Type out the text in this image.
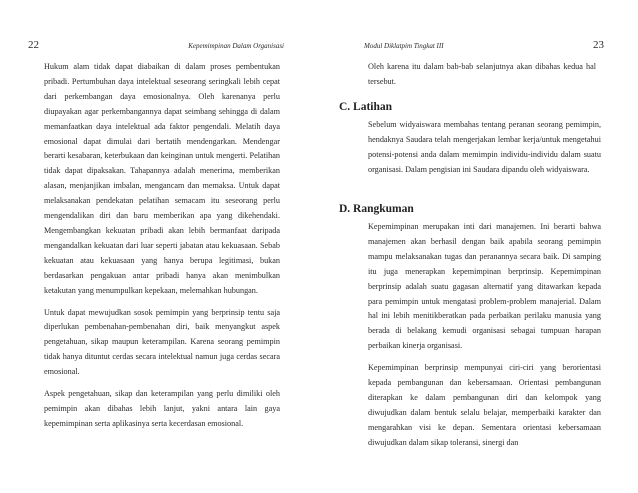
22	Kepemimpinan Dalam Organisasi

Hukum alam tidak dapat diabaikan di dalam proses pembentukan pribadi. Pertumbuhan daya intelektual seseorang seringkali lebih cepat dari perkembangan daya emosionalnya. Oleh karenanya perlu diupayakan agar perkembangannya dapat seimbang sehingga di dalam memanfaatkan daya intelektual ada faktor pengendali. Melatih daya emosional dapat dimulai dari bertatih mendengarkan. Mendengar berarti kesabaran, keterbukaan dan keinginan untuk mengerti. Pelatihan tidak dapat dipaksakan. Tahapannya adalah menerima, memberikan alasan, menjanjikan imbalan, mengancam dan memaksa. Untuk dapat melaksanakan pendekatan pelatihan semacam itu seseorang perlu mengendalikan diri dan baru memberikan apa yang dikehendaki. Mengembangkan kekuatan pribadi akan lebih bermanfaat daripada mengandalkan kekuatan dari luar seperti jabatan atau kekuasaan. Sebab kekuatan atau kekuasaan yang hanya berupa legitimasi, bukan berdasarkan pengakuan antar pribadi hanya akan menimbulkan ketakutan yang menumpulkan kepekaan, melemahkan hubungan.

Untuk dapat mewujudkan sosok pemimpin yang berprinsip tentu saja diperlukan pembenahan-pembenahan diri, baik menyangkut aspek pengetahuan, sikap maupun keterampilan. Karena seorang pemimpin tidak hanya dituntut cerdas secara intelektual namun juga cerdas secara emosional.

Aspek pengetahuan, sikap dan keterampilan yang perlu dimiliki oleh pemimpin akan dibahas lebih lanjut, yakni antara lain gaya kepemimpinan serta aplikasinya serta kecerdasan emosional.

Modul Diklatpim Tingkat III	23

Oleh karena itu dalam bab-bab selanjutnya akan dibahas kedua hal tersebut.

C. Latihan

Sebelum widyaiswara membahas tentang peranan seorang pemimpin, hendaknya Saudara telah mengerjakan lembar kerja/untuk mengetahui potensi-potensi anda dalam memimpin individu-individu dalam suatu organisasi. Dalam pengisian ini Saudara dipandu oleh widyaiswara.

D. Rangkuman

Kepemimpinan merupakan inti dari manajemen. Ini berarti bahwa manajemen akan berhasil dengan baik apabila seorang pemimpin mampu melaksanakan tugas dan peranannya secara baik. Di samping itu juga menerapkan kepemimpinan berprinsip. Kepemimpinan berprinsip adalah suatu gagasan alternatif yang ditawarkan kepada para pemimpin untuk mengatasi problem-problem manajerial. Dalam hal ini lebih menitikberatkan pada perbaikan perilaku manusia yang berada di belakang kemudi organisasi sebagai tumpuan harapan perbaikan kinerja organisasi.

Kepemimpinan berprinsip mempunyai ciri-ciri yang berorientasi kepada pembangunan dan kebersamaan. Orientasi pembangunan diterapkan ke dalam pembangunan diri dan kelompok yang diwujudkan dalam bentuk selalu belajar, memperbaiki karakter dan mengarahkan visi ke depan. Sementara orientasi kebersamaan diwujudkan dalam sikap toleransi, sinergi dan
